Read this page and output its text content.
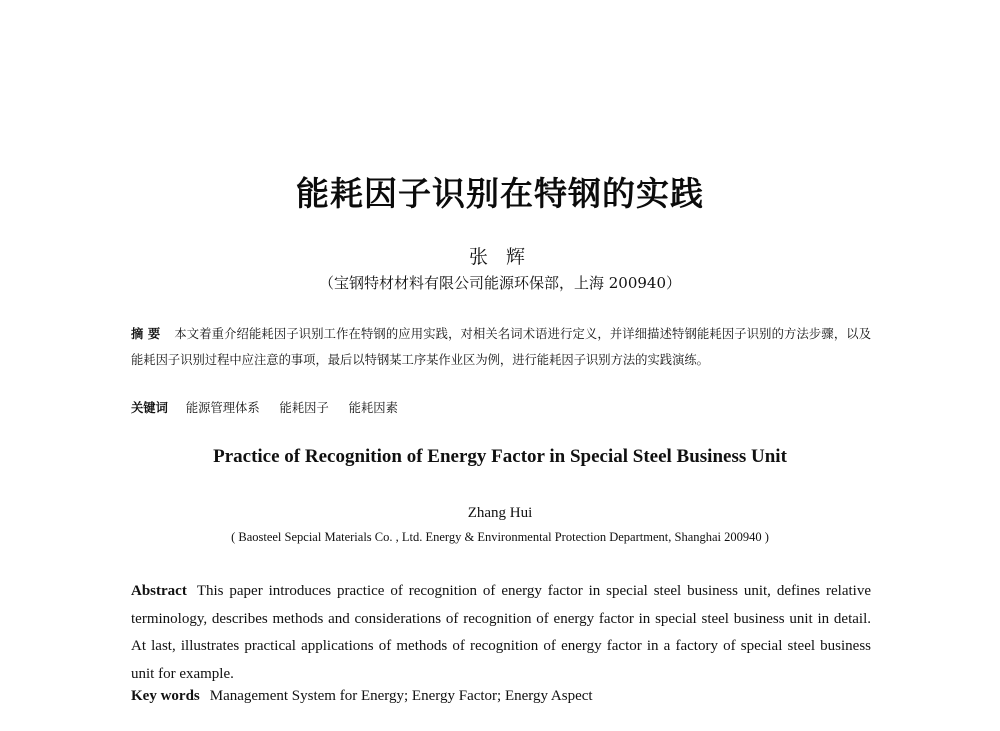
能耗因子识别在特钢的实践
张 辉
（宝钢特材材料有限公司能源环保部，上海 200940）
摘 要 本文着重介绍能耗因子识别工作在特钢的应用实践，对相关名词术语进行定义，并详细描述特钢能耗因子识别的方法步骤，以及能耗因子识别过程中应注意的事项，最后以特钢某工序某作业区为例，进行能耗因子识别方法的实践演练。
关键词 能源管理体系 能耗因子 能耗因素
Practice of Recognition of Energy Factor in Special Steel Business Unit
Zhang Hui
( Baosteel Sepcial Materials Co. , Ltd. Energy & Environmental Protection Department, Shanghai 200940 )
Abstract This paper introduces practice of recognition of energy factor in special steel business unit, defines relative terminology, describes methods and considerations of recognition of energy factor in special steel business unit in detail. At last, illustrates practical applications of methods of recognition of energy factor in a factory of special steel business unit for example.
Key words Management System for Energy; Energy Factor; Energy Aspect
